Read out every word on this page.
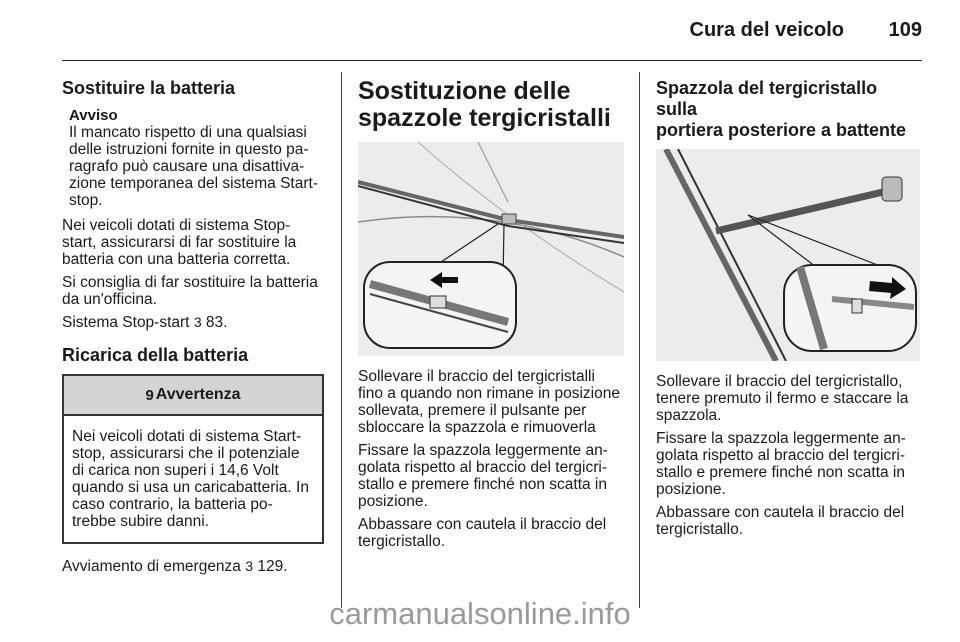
Cura del veicolo 109
Sostituire la batteria
Avviso
Il mancato rispetto di una qualsiasi
delle istruzioni fornite in questo pa-
ragrafo può causare una disattiva-
zione temporanea del sistema Start-
stop.

Nei veicoli dotati di sistema Stop-
start, assicurarsi di far sostituire la
batteria con una batteria corretta.

Si consiglia di far sostituire la batteria
da un'officina.

Sistema Stop-start 3 83.

Ricarica della batteria
9 Avvertenza
Nei veicoli dotati di sistema Start-
stop, assicurarsi che il potenziale
di carica non superi i 14,6 Volt
quando si usa un caricabatteria. In
caso contrario, la batteria po-
trebbe subire danni.

Avviamento di emergenza 3 129.

Sostituzione delle
spazzole tergicristalli

Sollevare il braccio del tergicristalli
fino a quando non rimane in posizione
sollevata, premere il pulsante per
sbloccare la spazzola e rimuoverla

Fissare la spazzola leggermente an-
golata rispetto al braccio del tergicri-
stallo e premere finché non scatta in
posizione.

Abbassare con cautela il braccio del
tergicristallo.

Spazzola del tergicristallo sulla
portiera posteriore a battente

Sollevare il braccio del tergicristallo,
tenere premuto il fermo e staccare la
spazzola.

Fissare la spazzola leggermente an-
golata rispetto al braccio del tergicri-
stallo e premere finché non scatta in
posizione.

Abbassare con cautela il braccio del
tergicristallo.

carmanualsonline.info
